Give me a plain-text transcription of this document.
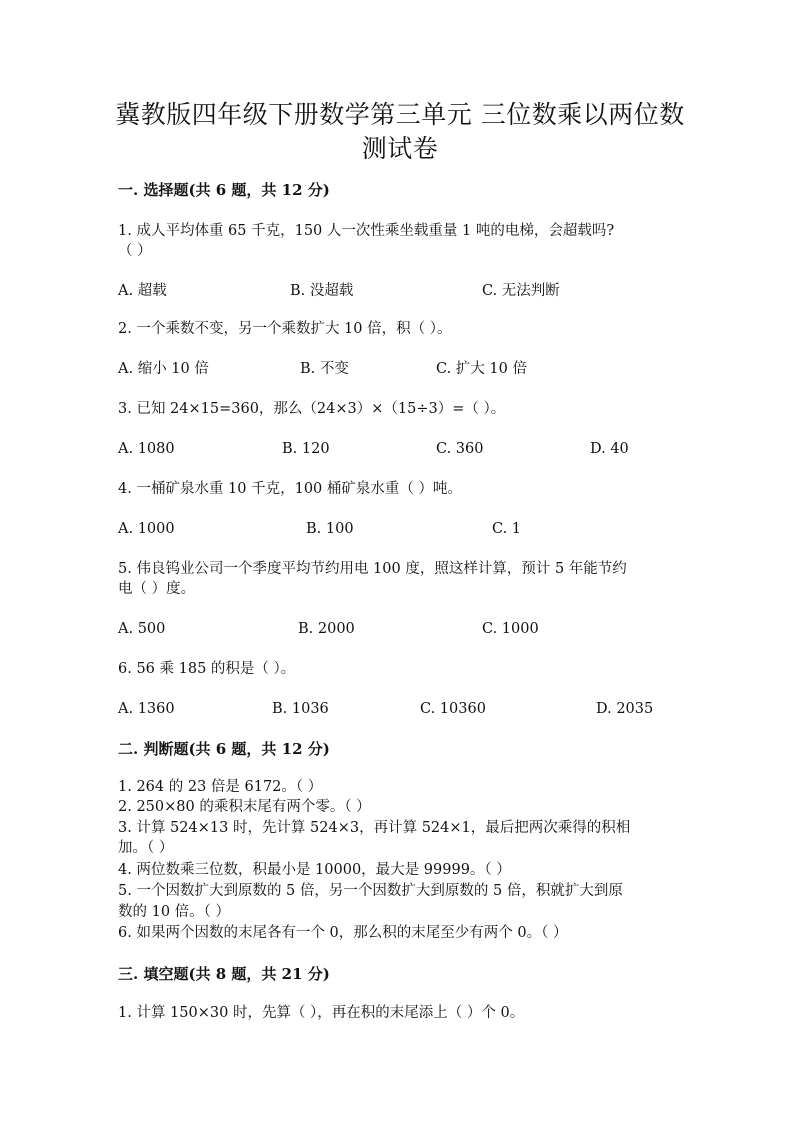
冀教版四年级下册数学第三单元 三位数乘以两位数
测试卷
一. 选择题(共 6 题，共 12 分)
1. 成人平均体重 65 千克，150 人一次性乘坐载重量 1 吨的电梯，会超载吗?
（ ）
A. 超载	B. 没超载	C. 无法判断
2. 一个乘数不变，另一个乘数扩大 10 倍，积（ ）。
A. 缩小 10 倍	B. 不变	C. 扩大 10 倍
3. 已知 24×15=360，那么（24×3）×（15÷3）=（ ）。
A. 1080	B. 120	C. 360	D. 40
4. 一桶矿泉水重 10 千克，100 桶矿泉水重（ ）吨。
A. 1000	B. 100	C. 1
5. 伟良钨业公司一个季度平均节约用电 100 度，照这样计算，预计 5 年能节约
电（ ）度。
A. 500	B. 2000	C. 1000
6. 56 乘 185 的积是（ ）。
A. 1360	B. 1036	C. 10360	D. 2035
二. 判断题(共 6 题，共 12 分)
1. 264 的 23 倍是 6172。（ ）
2. 250×80 的乘积末尾有两个零。（ ）
3. 计算 524×13 时，先计算 524×3，再计算 524×1，最后把两次乘得的积相
加。（ ）
4. 两位数乘三位数，积最小是 10000，最大是 99999。（ ）
5. 一个因数扩大到原数的 5 倍，另一个因数扩大到原数的 5 倍，积就扩大到原
数的 10 倍。（ ）
6. 如果两个因数的末尾各有一个 0，那么积的末尾至少有两个 0。（ ）
三. 填空题(共 8 题，共 21 分)
1. 计算 150×30 时，先算（ ），再在积的末尾添上（ ）个 0。
